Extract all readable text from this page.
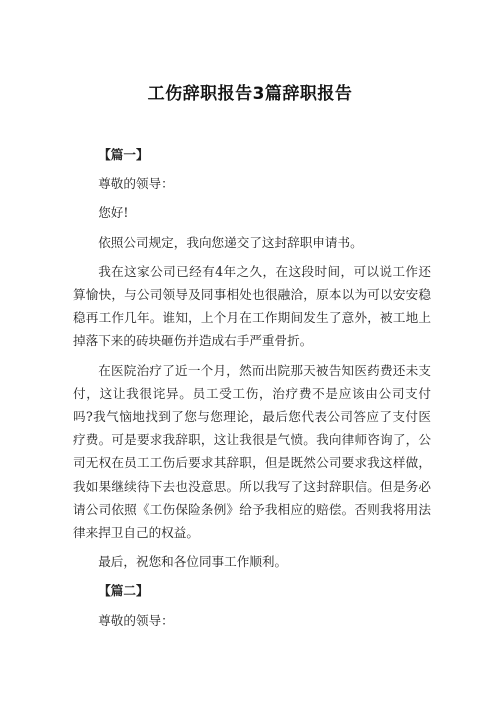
工伤辞职报告3篇辞职报告

【篇一】

尊敬的领导：

您好!

依照公司规定，我向您递交了这封辞职申请书。

我在这家公司已经有4年之久，在这段时间，可以说工作还算愉快，与公司领导及同事相处也很融洽，原本以为可以安安稳稳再工作几年。谁知，上个月在工作期间发生了意外，被工地上掉落下来的砖块砸伤并造成右手严重骨折。

在医院治疗了近一个月，然而出院那天被告知医药费还未支付，这让我很诧异。员工受工伤，治疗费不是应该由公司支付吗?我气恼地找到了您与您理论，最后您代表公司答应了支付医疗费。可是要求我辞职，这让我很是气愤。我向律师咨询了，公司无权在员工工伤后要求其辞职，但是既然公司要求我这样做，我如果继续待下去也没意思。所以我写了这封辞职信。但是务必请公司依照《工伤保险条例》给予我相应的赔偿。否则我将用法律来捍卫自己的权益。

最后，祝您和各位同事工作顺利。

【篇二】

尊敬的领导：
